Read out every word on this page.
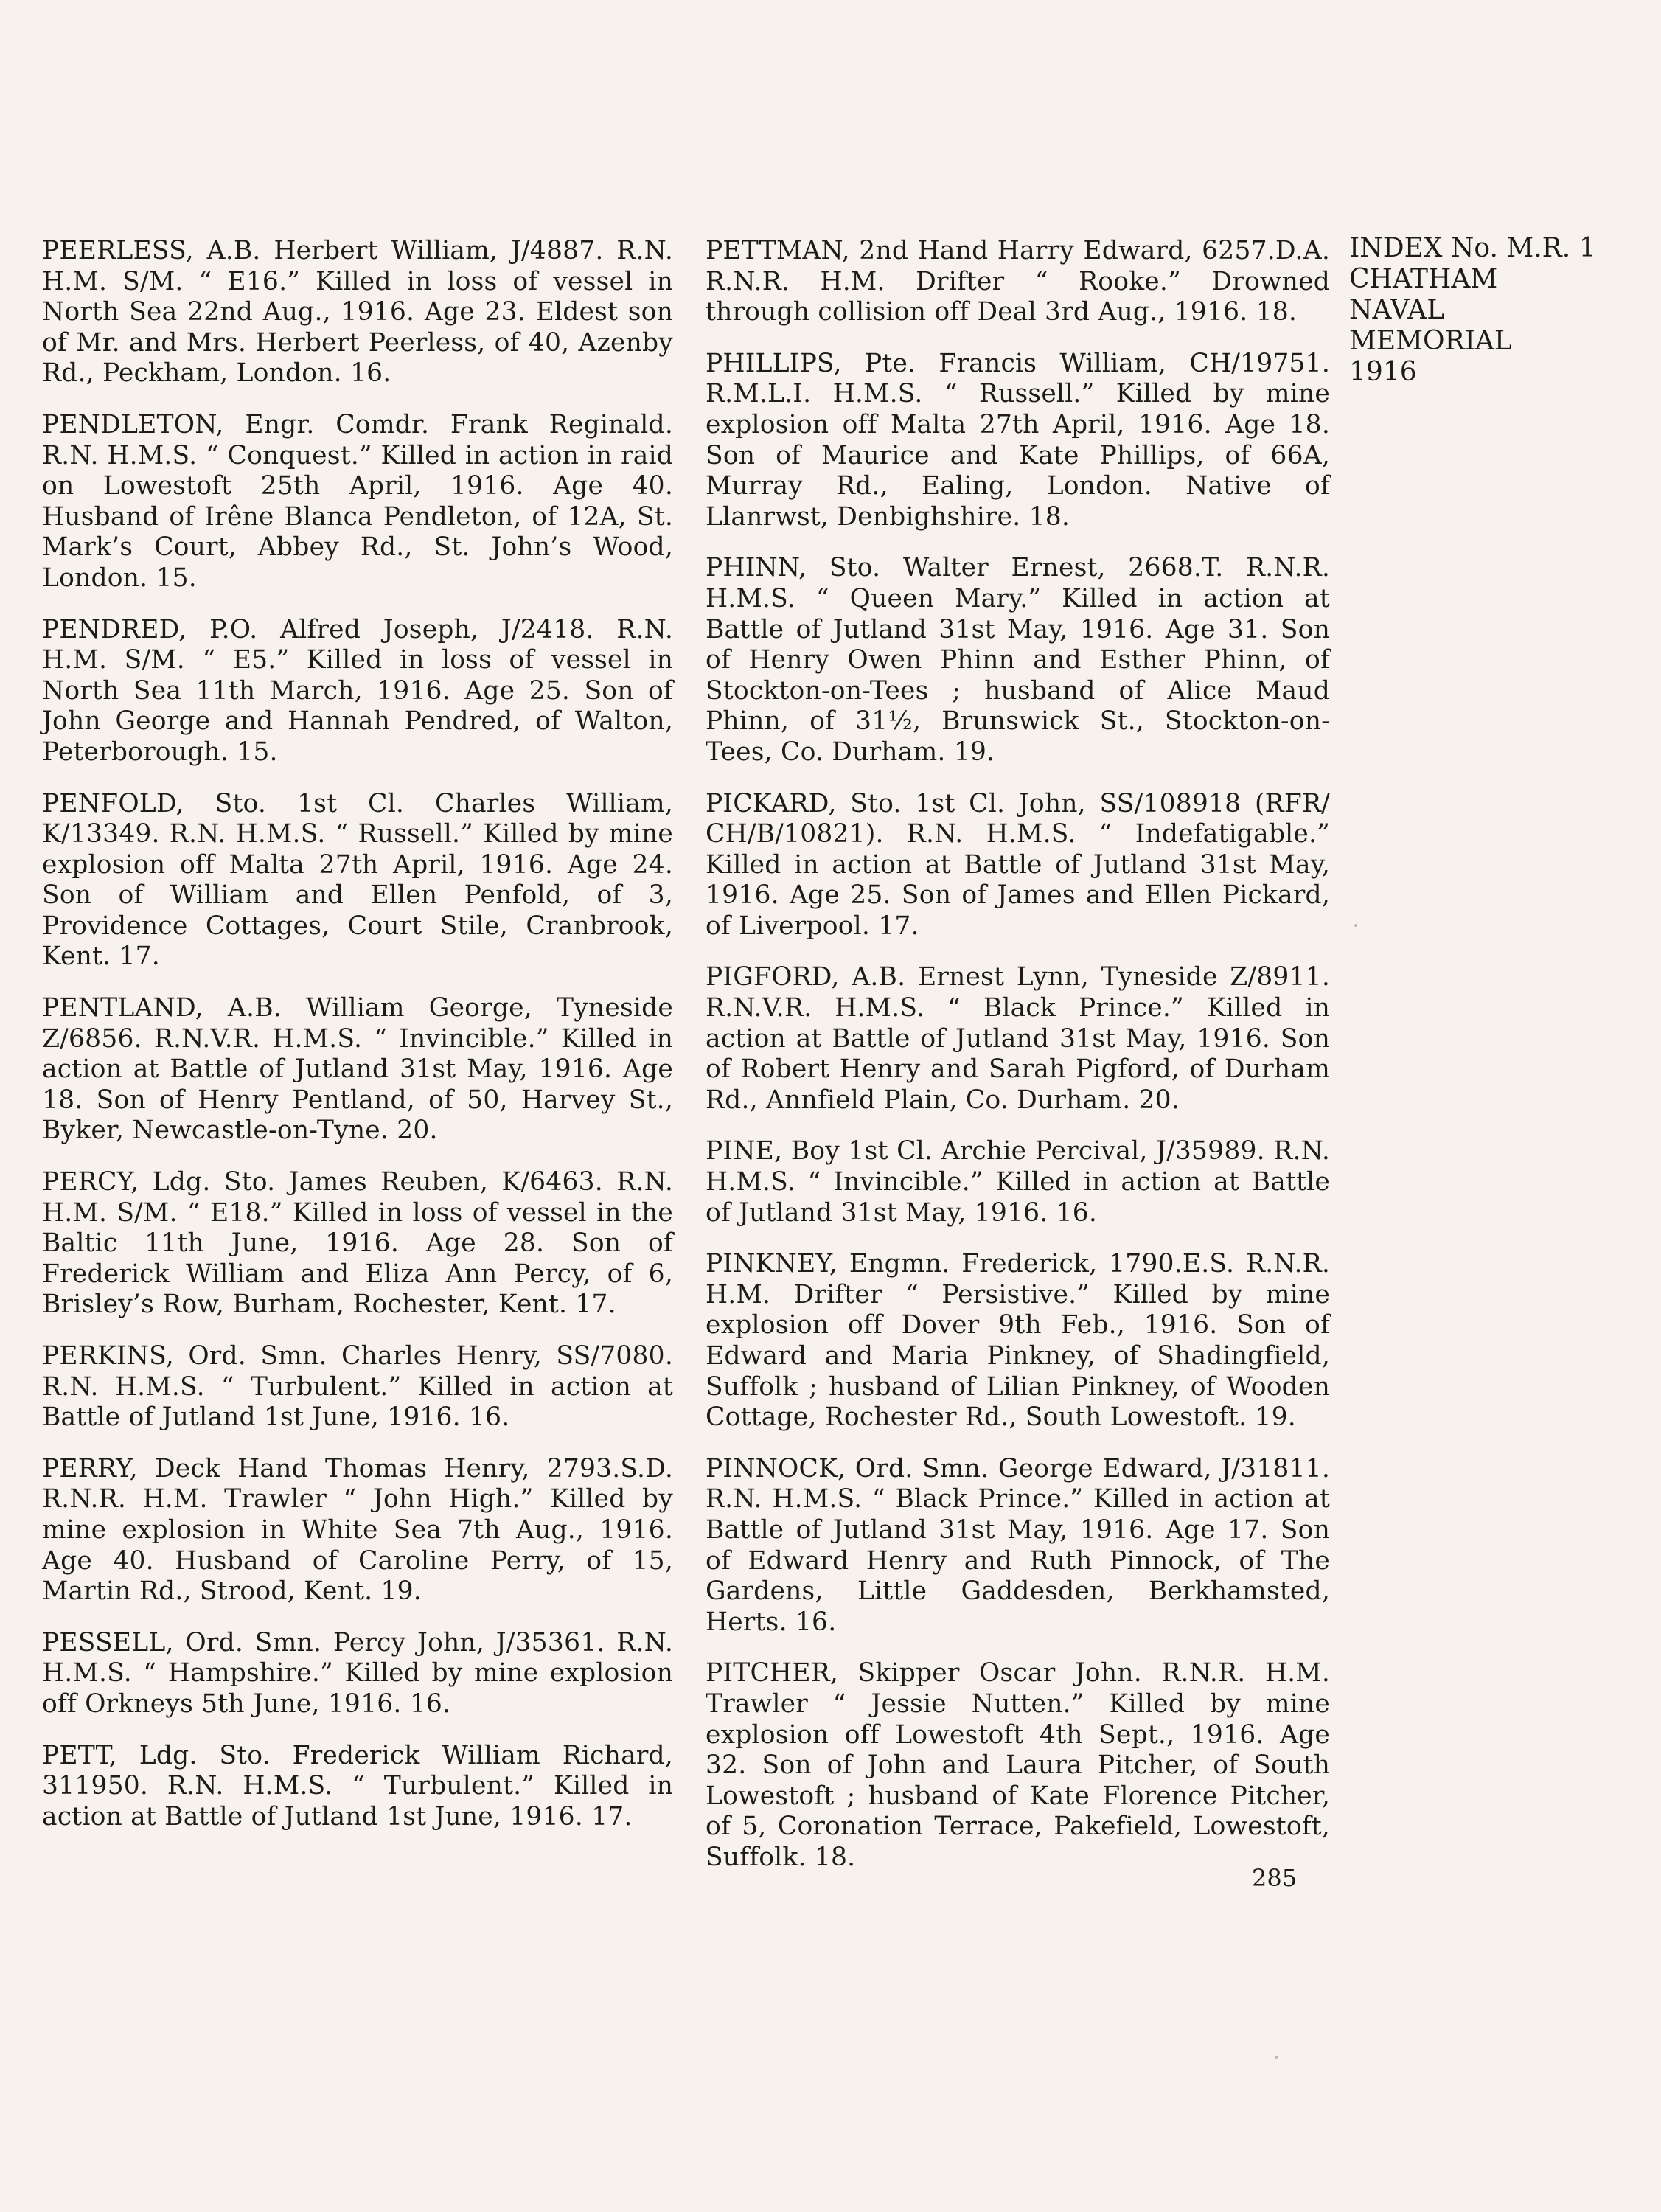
PEERLESS, A.B. Herbert William, J/4887. R.N. H.M. S/M. “ E16.” Killed in loss of vessel in North Sea 22nd Aug., 1916. Age 23. Eldest son of Mr. and Mrs. Herbert Peerless, of 40, Azenby Rd., Peckham, London. 16.

PENDLETON, Engr. Comdr. Frank Reginald. R.N. H.M.S. “ Conquest.” Killed in action in raid on Lowestoft 25th April, 1916. Age 40. Husband of Irêne Blanca Pendleton, of 12A, St. Mark’s Court, Abbey Rd., St. John’s Wood, London. 15.

PENDRED, P.O. Alfred Joseph, J/2418. R.N. H.M. S/M. “ E5.” Killed in loss of vessel in North Sea 11th March, 1916. Age 25. Son of John George and Hannah Pendred, of Walton, Peterborough. 15.

PENFOLD, Sto. 1st Cl. Charles William, K/13349. R.N. H.M.S. “ Russell.” Killed by mine explosion off Malta 27th April, 1916. Age 24. Son of William and Ellen Penfold, of 3, Providence Cottages, Court Stile, Cranbrook, Kent. 17.

PENTLAND, A.B. William George, Tyneside Z/6856. R.N.V.R. H.M.S. “ Invincible.” Killed in action at Battle of Jutland 31st May, 1916. Age 18. Son of Henry Pentland, of 50, Harvey St., Byker, Newcastle-on-Tyne. 20.

PERCY, Ldg. Sto. James Reuben, K/6463. R.N. H.M. S/M. “ E18.” Killed in loss of vessel in the Baltic 11th June, 1916. Age 28. Son of Frederick William and Eliza Ann Percy, of 6, Brisley’s Row, Burham, Rochester, Kent. 17.

PERKINS, Ord. Smn. Charles Henry, SS/7080. R.N. H.M.S. “ Turbulent.” Killed in action at Battle of Jutland 1st June, 1916. 16.

PERRY, Deck Hand Thomas Henry, 2793.S.D. R.N.R. H.M. Trawler “ John High.” Killed by mine explosion in White Sea 7th Aug., 1916. Age 40. Husband of Caroline Perry, of 15, Martin Rd., Strood, Kent. 19.

PESSELL, Ord. Smn. Percy John, J/35361. R.N. H.M.S. “ Hampshire.” Killed by mine explosion off Orkneys 5th June, 1916. 16.

PETT, Ldg. Sto. Frederick William Richard, 311950. R.N. H.M.S. “ Turbulent.” Killed in action at Battle of Jutland 1st June, 1916. 17.

PETTMAN, 2nd Hand Harry Edward, 6257.D.A. R.N.R. H.M. Drifter “ Rooke.” Drowned through collision off Deal 3rd Aug., 1916. 18.

PHILLIPS, Pte. Francis William, CH/19751. R.M.L.I. H.M.S. “ Russell.” Killed by mine explosion off Malta 27th April, 1916. Age 18. Son of Maurice and Kate Phillips, of 66A, Murray Rd., Ealing, London. Native of Llanrwst, Denbighshire. 18.

PHINN, Sto. Walter Ernest, 2668.T. R.N.R. H.M.S. “ Queen Mary.” Killed in action at Battle of Jutland 31st May, 1916. Age 31. Son of Henry Owen Phinn and Esther Phinn, of Stockton-on-Tees ; husband of Alice Maud Phinn, of 31½, Brunswick St., Stockton-on-Tees, Co. Durham. 19.

PICKARD, Sto. 1st Cl. John, SS/108918 (RFR/ CH/B/10821). R.N. H.M.S. “ Indefatigable.” Killed in action at Battle of Jutland 31st May, 1916. Age 25. Son of James and Ellen Pickard, of Liverpool. 17.

PIGFORD, A.B. Ernest Lynn, Tyneside Z/8911. R.N.V.R. H.M.S. “ Black Prince.” Killed in action at Battle of Jutland 31st May, 1916. Son of Robert Henry and Sarah Pigford, of Durham Rd., Annfield Plain, Co. Durham. 20.

PINE, Boy 1st Cl. Archie Percival, J/35989. R.N. H.M.S. “ Invincible.” Killed in action at Battle of Jutland 31st May, 1916. 16.

PINKNEY, Engmn. Frederick, 1790.E.S. R.N.R. H.M. Drifter “ Persistive.” Killed by mine explosion off Dover 9th Feb., 1916. Son of Edward and Maria Pinkney, of Shadingfield, Suffolk ; husband of Lilian Pinkney, of Wooden Cottage, Rochester Rd., South Lowestoft. 19.

PINNOCK, Ord. Smn. George Edward, J/31811. R.N. H.M.S. “ Black Prince.” Killed in action at Battle of Jutland 31st May, 1916. Age 17. Son of Edward Henry and Ruth Pinnock, of The Gardens, Little Gaddesden, Berkhamsted, Herts. 16.

PITCHER, Skipper Oscar John. R.N.R. H.M. Trawler “ Jessie Nutten.” Killed by mine explosion off Lowestoft 4th Sept., 1916. Age 32. Son of John and Laura Pitcher, of South Lowestoft ; husband of Kate Florence Pitcher, of 5, Coronation Terrace, Pakefield, Lowestoft, Suffolk. 18.

INDEX No. M.R. 1
CHATHAM
NAVAL
MEMORIAL
1916
285
